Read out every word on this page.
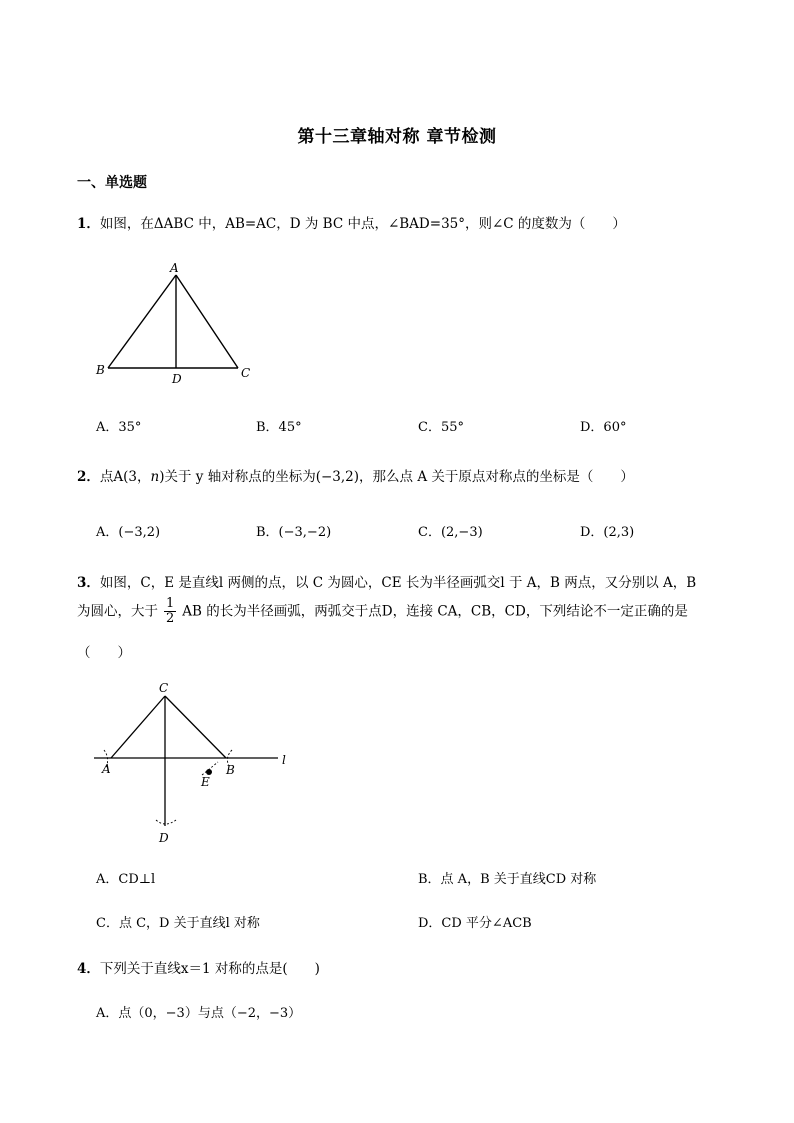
第十三章轴对称 章节检测
一、单选题
1．如图，在ΔABC 中，AB=AC，D 为 BC 中点，∠BAD=35°，则∠C 的度数为（　　）
A
B	C
D
A．35°	B．45°	C．55°	D．60°
2．点A(3，n)关于 y 轴对称点的坐标为(−3,2)，那么点 A 关于原点对称点的坐标是（　　）
A．(−3,2)	B．(−3,−2)	C．(2,−3)	D．(2,3)
3．如图，C，E 是直线l 两侧的点，以 C 为圆心，CE 长为半径画弧交l 于 A，B 两点，又分别以 A，B
为圆心，大于 $\frac{1}{2}$ AB 的长为半径画弧，两弧交于点D，连接 CA，CB，CD，下列结论不一定正确的是
（　　）
C
A	B
E
D
l
A．CD⊥l	B．点 A，B 关于直线CD 对称
C．点 C，D 关于直线l 对称	D．CD 平分∠ACB
4．下列关于直线x＝1 对称的点是(　　)
A．点（0，−3）与点（−2，−3）
